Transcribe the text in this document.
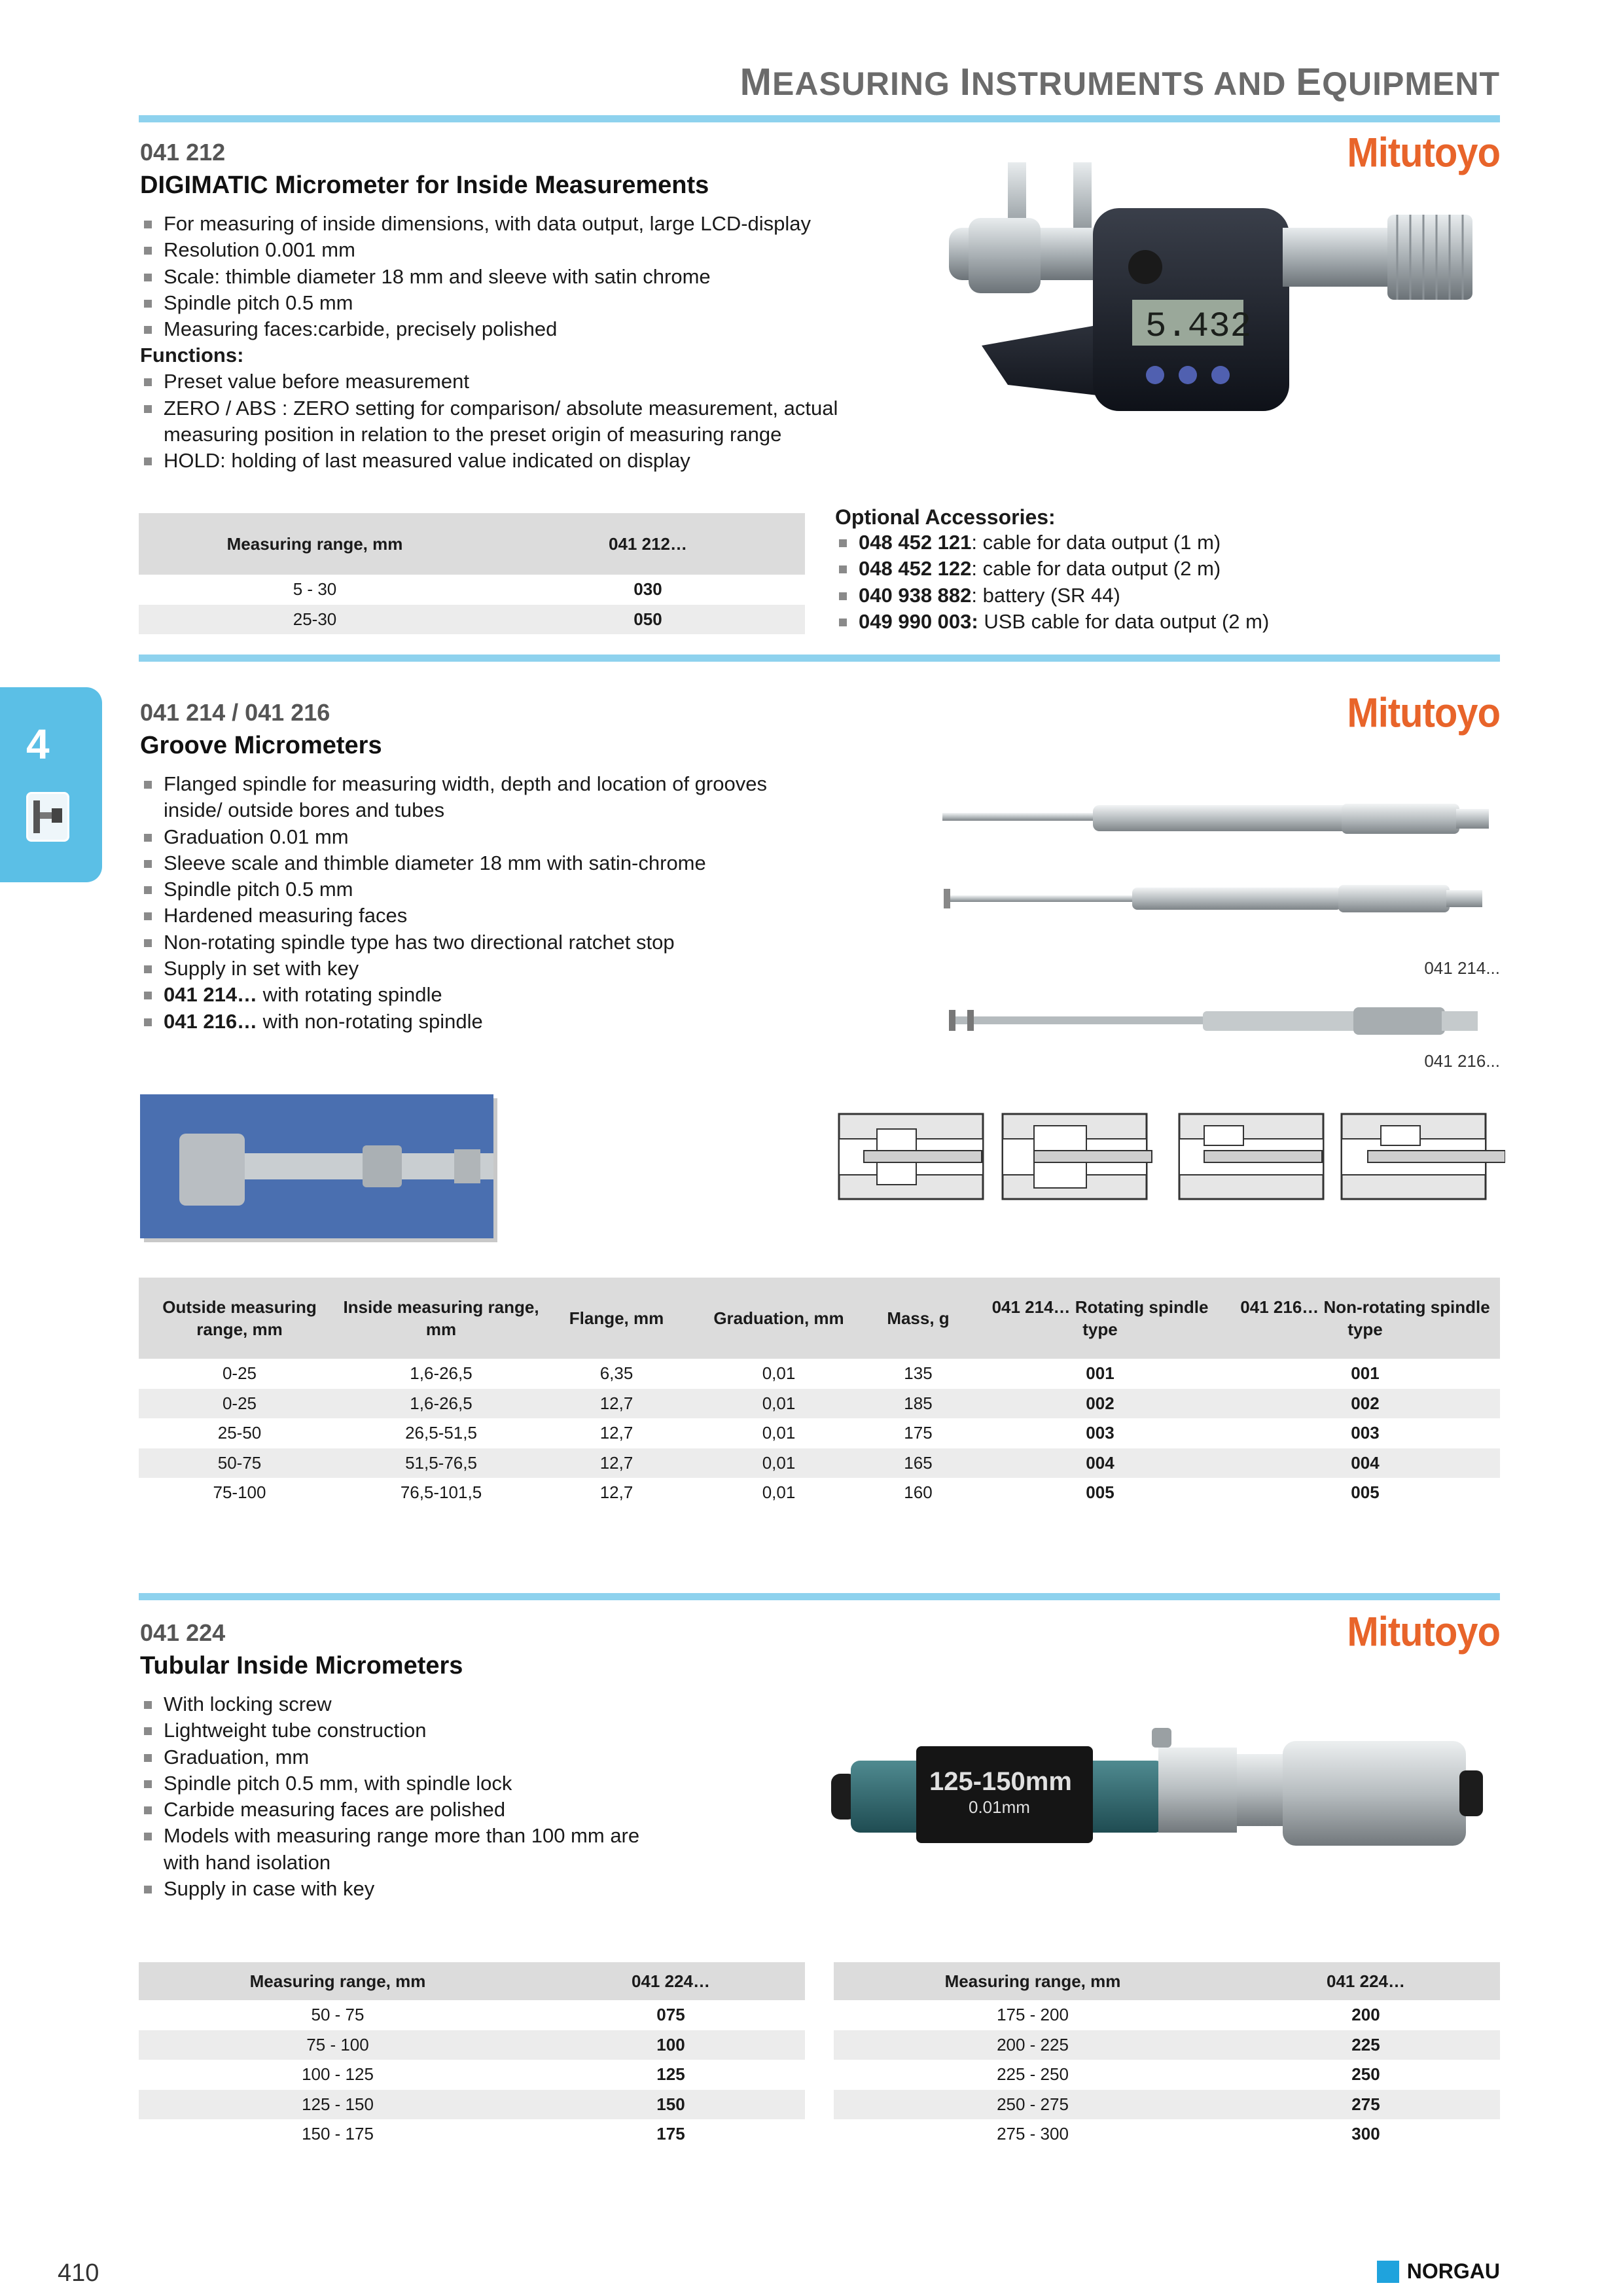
MEASURING INSTRUMENTS AND EQUIPMENT
4
041 212
DIGIMATIC Micrometer for Inside Measurements
Mitutoyo
For measuring of inside dimensions, with data output, large LCD-display
Resolution 0.001 mm
Scale: thimble diameter 18 mm and sleeve with satin chrome
Spindle pitch 0.5 mm
Measuring faces:carbide, precisely polished
Functions:
Preset value before measurement
ZERO / ABS : ZERO setting for comparison/ absolute measurement, actual measuring position in relation to the preset origin of measuring range
HOLD: holding of last measured value indicated on display
5.432
Measuring range, mm	041 212…
5 - 30	030
25-30	050
Optional Accessories:
048 452 121: cable for data output (1 m)
048 452 122: cable for data output (2 m)
040 938 882: battery (SR 44)
049 990 003: USB cable for data output (2 m)
041 214 / 041 216
Groove Micrometers
Mitutoyo
Flanged spindle for measuring width, depth and location of grooves inside/ outside bores and tubes
Graduation 0.01 mm
Sleeve scale and thimble diameter 18 mm with satin-chrome
Spindle pitch 0.5 mm
Hardened measuring faces
Non-rotating spindle type has two directional ratchet stop
Supply in set with key
041 214… with rotating spindle
041 216… with non-rotating spindle
041 214...
041 216...
Outside measuring range, mm	Inside measuring range, mm	Flange, mm	Graduation, mm	Mass, g	041 214… Rotating spindle type	041 216… Non-rotating spindle type
0-25	1,6-26,5	6,35	0,01	135	001	001
0-25	1,6-26,5	12,7	0,01	185	002	002
25-50	26,5-51,5	12,7	0,01	175	003	003
50-75	51,5-76,5	12,7	0,01	165	004	004
75-100	76,5-101,5	12,7	0,01	160	005	005
041 224
Tubular Inside Micrometers
Mitutoyo
With locking screw
Lightweight tube construction
Graduation, mm
Spindle pitch 0.5 mm, with spindle lock
Carbide measuring faces are polished
Models with measuring range more than 100 mm are with hand isolation
Supply in case with key
125-150mm
0.01mm
Measuring range, mm	041 224…
50 - 75	075
75 - 100	100
100 - 125	125
125 - 150	150
150 - 175	175
Measuring range, mm	041 224…
175 - 200	200
200 - 225	225
225 - 250	250
250 - 275	275
275 - 300	300
410	NORGAU
